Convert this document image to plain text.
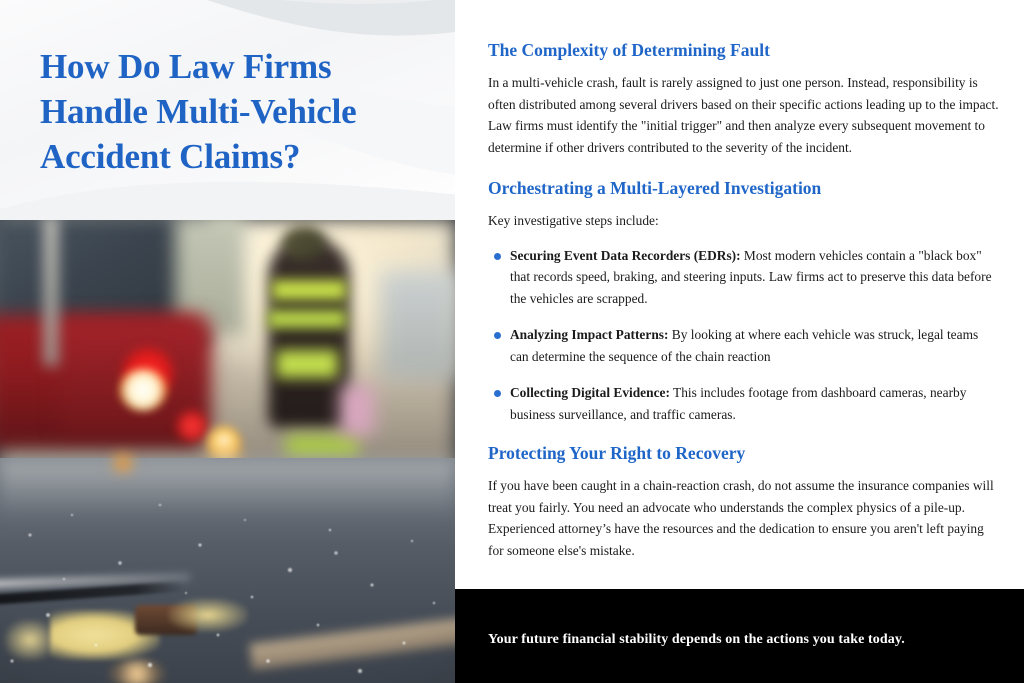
How Do Law Firms Handle Multi-Vehicle Accident Claims?
The Complexity of Determining Fault

In a multi-vehicle crash, fault is rarely assigned to just one person. Instead, responsibility is often distributed among several drivers based on their specific actions leading up to the impact. Law firms must identify the "initial trigger" and then analyze every subsequent movement to determine if other drivers contributed to the severity of the incident.

Orchestrating a Multi-Layered Investigation

Key investigative steps include:

Securing Event Data Recorders (EDRs): Most modern vehicles contain a "black box" that records speed, braking, and steering inputs. Law firms act to preserve this data before the vehicles are scrapped.
Analyzing Impact Patterns: By looking at where each vehicle was struck, legal teams can determine the sequence of the chain reaction
Collecting Digital Evidence: This includes footage from dashboard cameras, nearby business surveillance, and traffic cameras.
Protecting Your Right to Recovery

If you have been caught in a chain-reaction crash, do not assume the insurance companies will treat you fairly. You need an advocate who understands the complex physics of a pile-up. Experienced attorney’s have the resources and the dedication to ensure you aren't left paying for someone else's mistake.

Your future financial stability depends on the actions you take today.
